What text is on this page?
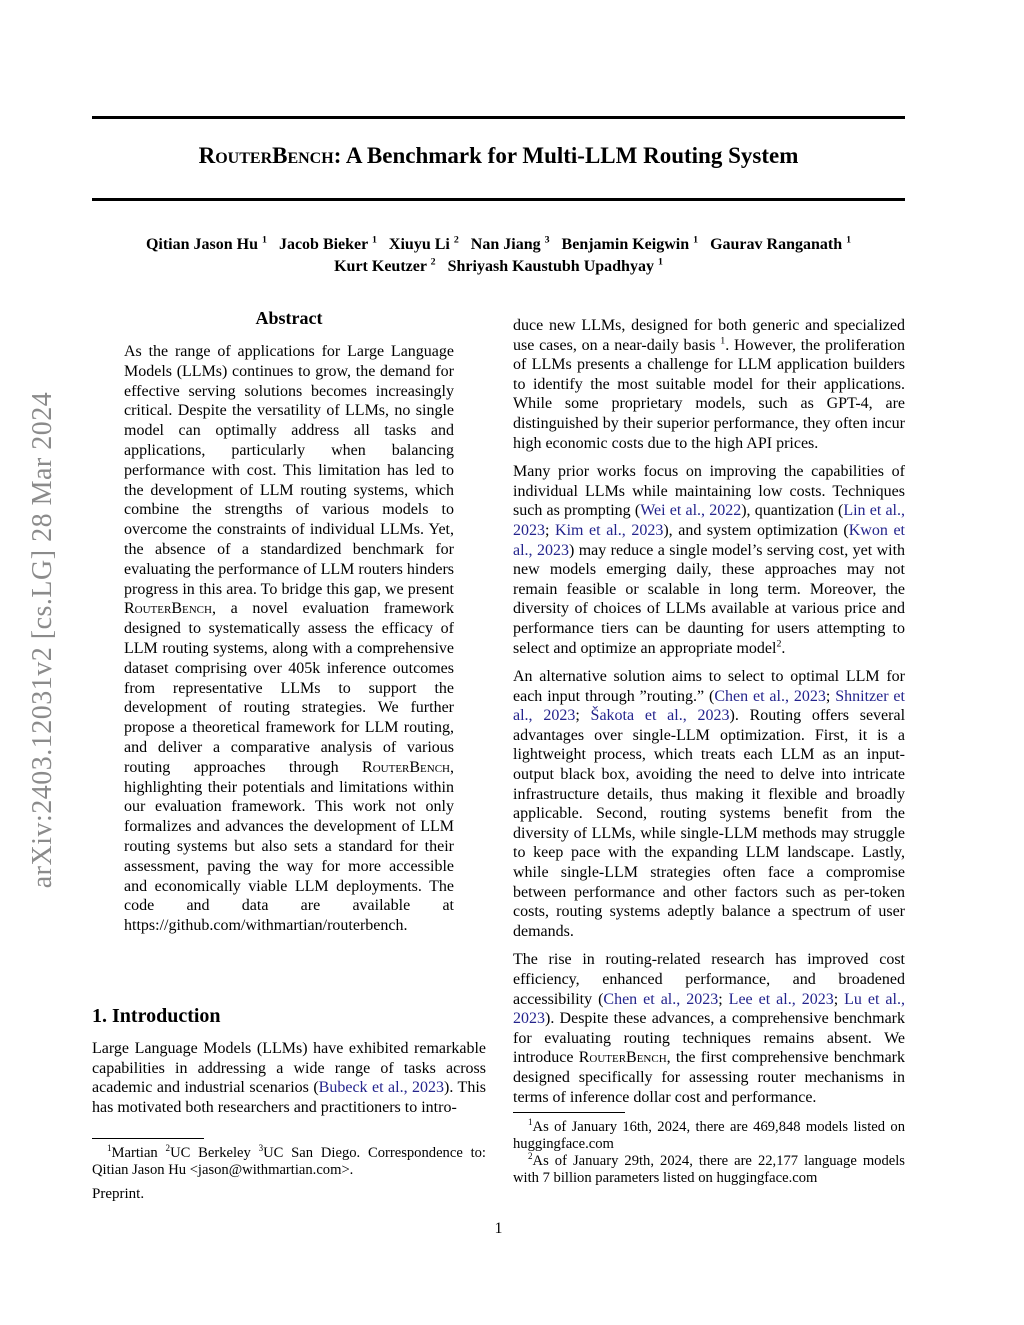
arXiv:2403.12031v2 [cs.LG] 28 Mar 2024
RouterBench: A Benchmark for Multi-LLM Routing System
Qitian Jason Hu $^1$   Jacob Bieker $^1$   Xiuyu Li $^2$   Nan Jiang $^3$   Benjamin Keigwin $^1$   Gaurav Ranganath $^1$
Kurt Keutzer $^2$   Shriyash Kaustubh Upadhyay $^1$
Abstract

As the range of applications for Large Language Models (LLMs) continues to grow, the demand for effective serving solutions becomes increasingly critical. Despite the versatility of LLMs, no single model can optimally address all tasks and applications, particularly when balancing performance with cost. This limitation has led to the development of LLM routing systems, which combine the strengths of various models to overcome the constraints of individual LLMs. Yet, the absence of a standardized benchmark for evaluating the performance of LLM routers hinders progress in this area. To bridge this gap, we present RouterBench, a novel evaluation framework designed to systematically assess the efficacy of LLM routing systems, along with a comprehensive dataset comprising over 405k inference outcomes from representative LLMs to support the development of routing strategies. We further propose a theoretical framework for LLM routing, and deliver a comparative analysis of various routing approaches through RouterBench, highlighting their potentials and limitations within our evaluation framework. This work not only formalizes and advances the development of LLM routing systems but also sets a standard for their assessment, paving the way for more accessible and economically viable LLM deployments. The code and data are available at https://github.com/withmartian/routerbench.

1. Introduction

Large Language Models (LLMs) have exhibited remarkable capabilities in addressing a wide range of tasks across academic and industrial scenarios (Bubeck et al., 2023). This has motivated both researchers and practitioners to intro-

$^1$Martian $^2$UC Berkeley $^3$UC San Diego. Correspondence to: Qitian Jason Hu <jason@withmartian.com>.

Preprint.

duce new LLMs, designed for both generic and specialized use cases, on a near-daily basis $^1$. However, the proliferation of LLMs presents a challenge for LLM application builders to identify the most suitable model for their applications. While some proprietary models, such as GPT-4, are distinguished by their superior performance, they often incur high economic costs due to the high API prices.

Many prior works focus on improving the capabilities of individual LLMs while maintaining low costs. Techniques such as prompting (Wei et al., 2022), quantization (Lin et al., 2023; Kim et al., 2023), and system optimization (Kwon et al., 2023) may reduce a single model’s serving cost, yet with new models emerging daily, these approaches may not remain feasible or scalable in long term. Moreover, the diversity of choices of LLMs available at various price and performance tiers can be daunting for users attempting to select and optimize an appropriate model$^2$.

An alternative solution aims to select to optimal LLM for each input through ”routing.” (Chen et al., 2023; Shnitzer et al., 2023; Šakota et al., 2023). Routing offers several advantages over single-LLM optimization. First, it is a lightweight process, which treats each LLM as an input-output black box, avoiding the need to delve into intricate infrastructure details, thus making it flexible and broadly applicable. Second, routing systems benefit from the diversity of LLMs, while single-LLM methods may struggle to keep pace with the expanding LLM landscape. Lastly, while single-LLM strategies often face a compromise between performance and other factors such as per-token costs, routing systems adeptly balance a spectrum of user demands.

The rise in routing-related research has improved cost efficiency, enhanced performance, and broadened accessibility (Chen et al., 2023; Lee et al., 2023; Lu et al., 2023). Despite these advances, a comprehensive benchmark for evaluating routing techniques remains absent. We introduce RouterBench, the first comprehensive benchmark designed specifically for assessing router mechanisms in terms of inference dollar cost and performance.

$^1$As of January 16th, 2024, there are 469,848 models listed on huggingface.com

$^2$As of January 29th, 2024, there are 22,177 language models with 7 billion parameters listed on huggingface.com

1
